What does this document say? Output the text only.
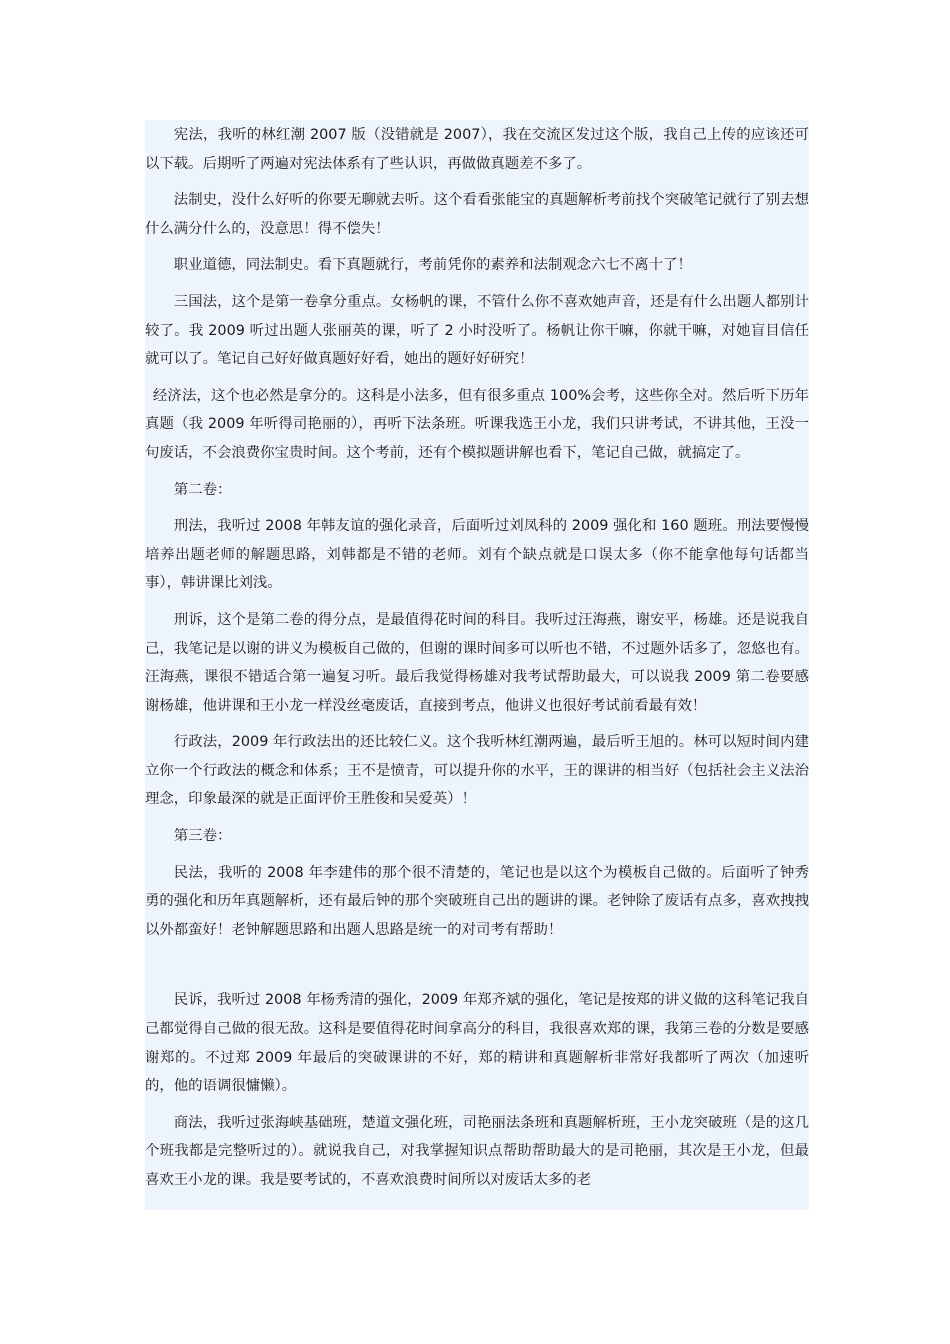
宪法，我听的林红潮 2007 版（没错就是 2007），我在交流区发过这个版，我自己上传的应该还可以下载。后期听了两遍对宪法体系有了些认识，再做做真题差不多了。

法制史，没什么好听的你要无聊就去听。这个看看张能宝的真题解析考前找个突破笔记就行了别去想什么满分什么的，没意思！得不偿失！

职业道德，同法制史。看下真题就行，考前凭你的素养和法制观念六七不离十了！

三国法，这个是第一卷拿分重点。女杨帆的课，不管什么你不喜欢她声音，还是有什么出题人都别计较了。我 2009 听过出题人张丽英的课，听了 2 小时没听了。杨帆让你干嘛，你就干嘛，对她盲目信任就可以了。笔记自己好好做真题好好看，她出的题好好研究！

经济法，这个也必然是拿分的。这科是小法多，但有很多重点 100%会考，这些你全对。然后听下历年真题（我 2009 年听得司艳丽的），再听下法条班。听课我选王小龙，我们只讲考试，不讲其他，王没一句废话，不会浪费你宝贵时间。这个考前，还有个模拟题讲解也看下，笔记自己做，就搞定了。

第二卷：

刑法，我听过 2008 年韩友谊的强化录音，后面听过刘凤科的 2009 强化和 160 题班。刑法要慢慢培养出题老师的解题思路，刘韩都是不错的老师。刘有个缺点就是口误太多（你不能拿他每句话都当事），韩讲课比刘浅。

刑诉，这个是第二卷的得分点，是最值得花时间的科目。我听过汪海燕，谢安平，杨雄。还是说我自己，我笔记是以谢的讲义为模板自己做的，但谢的课时间多可以听也不错，不过题外话多了，忽悠也有。汪海燕，课很不错适合第一遍复习听。最后我觉得杨雄对我考试帮助最大，可以说我 2009 第二卷要感谢杨雄，他讲课和王小龙一样没丝毫废话，直接到考点，他讲义也很好考试前看最有效！

行政法，2009 年行政法出的还比较仁义。这个我听林红潮两遍，最后听王旭的。林可以短时间内建立你一个行政法的概念和体系；王不是愤青，可以提升你的水平，王的课讲的相当好（包括社会主义法治理念，印象最深的就是正面评价王胜俊和吴爱英）！

第三卷：

民法，我听的 2008 年李建伟的那个很不清楚的，笔记也是以这个为模板自己做的。后面听了钟秀勇的强化和历年真题解析，还有最后钟的那个突破班自己出的题讲的课。老钟除了废话有点多，喜欢拽拽以外都蛮好！老钟解题思路和出题人思路是统一的对司考有帮助！

民诉，我听过 2008 年杨秀清的强化，2009 年郑齐斌的强化，笔记是按郑的讲义做的这科笔记我自己都觉得自己做的很无敌。这科是要值得花时间拿高分的科目，我很喜欢郑的课，我第三卷的分数是要感谢郑的。不过郑 2009 年最后的突破课讲的不好，郑的精讲和真题解析非常好我都听了两次（加速听的，他的语调很慵懒）。

商法，我听过张海峡基础班，楚道文强化班，司艳丽法条班和真题解析班，王小龙突破班（是的这几个班我都是完整听过的）。就说我自己，对我掌握知识点帮助帮助最大的是司艳丽，其次是王小龙，但最喜欢王小龙的课。我是要考试的，不喜欢浪费时间所以对废话太多的老
